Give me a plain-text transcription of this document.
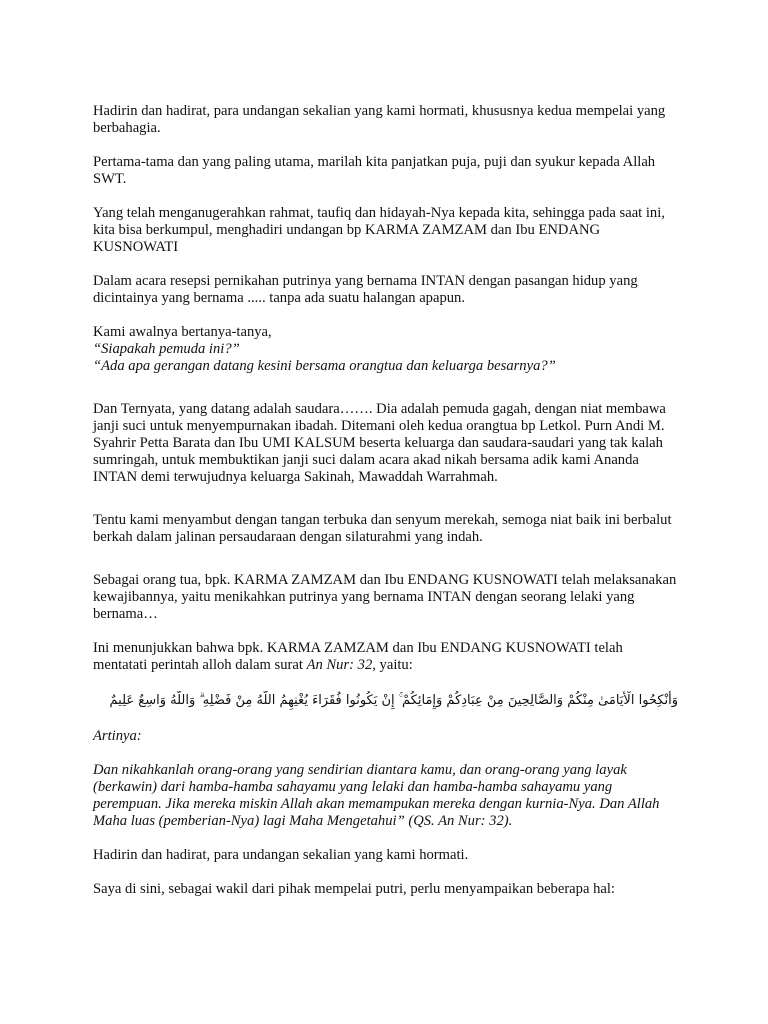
Hadirin dan hadirat, para undangan sekalian yang kami hormati, khususnya kedua mempelai yang berbahagia.

Pertama-tama dan yang paling utama, marilah kita panjatkan puja, puji dan syukur kepada Allah SWT.

Yang telah menganugerahkan rahmat, taufiq dan hidayah-Nya kepada kita, sehingga pada saat ini, kita bisa berkumpul, menghadiri undangan bp KARMA ZAMZAM dan Ibu ENDANG KUSNOWATI

Dalam acara resepsi pernikahan putrinya yang bernama INTAN dengan pasangan hidup yang dicintainya yang bernama ..... tanpa ada suatu halangan apapun.

Kami awalnya bertanya-tanya,
“Siapakah pemuda ini?”
“Ada apa gerangan datang kesini bersama orangtua dan keluarga besarnya?”

Dan Ternyata, yang datang adalah saudara……. Dia adalah pemuda gagah, dengan niat membawa janji suci untuk menyempurnakan ibadah. Ditemani oleh kedua orangtua bp Letkol. Purn Andi M. Syahrir Petta Barata dan Ibu UMI KALSUM beserta keluarga dan saudara-saudari yang tak kalah sumringah, untuk membuktikan janji suci dalam acara akad nikah bersama adik kami Ananda INTAN demi terwujudnya keluarga Sakinah, Mawaddah Warrahmah.

Tentu kami menyambut dengan tangan terbuka dan senyum merekah, semoga niat baik ini berbalut berkah dalam jalinan persaudaraan dengan silaturahmi yang indah.

Sebagai orang tua, bpk. KARMA ZAMZAM dan Ibu ENDANG KUSNOWATI telah melaksanakan kewajibannya, yaitu menikahkan putrinya yang bernama INTAN dengan seorang lelaki yang bernama…

Ini menunjukkan bahwa bpk. KARMA ZAMZAM dan Ibu ENDANG KUSNOWATI telah mentatati perintah alloh dalam surat An Nur: 32, yaitu:

وَأَنْكِحُوا الْأَيَامَىٰ مِنْكُمْ وَالصَّالِحِينَ مِنْ عِبَادِكُمْ وَإِمَائِكُمْ ۚ إِنْ يَكُونُوا فُقَرَاءَ يُغْنِهِمُ اللَّهُ مِنْ فَضْلِهِ ۗ وَاللَّهُ وَاسِعٌ عَلِيمٌ

Artinya:

Dan nikahkanlah orang-orang yang sendirian diantara kamu, dan orang-orang yang layak (berkawin) dari hamba-hamba sahayamu yang lelaki dan hamba-hamba sahayamu yang perempuan. Jika mereka miskin Allah akan memampukan mereka dengan kurnia-Nya. Dan Allah Maha luas (pemberian-Nya) lagi Maha Mengetahui” (QS. An Nur: 32).

Hadirin dan hadirat, para undangan sekalian yang kami hormati.

Saya di sini, sebagai wakil dari pihak mempelai putri, perlu menyampaikan beberapa hal:
